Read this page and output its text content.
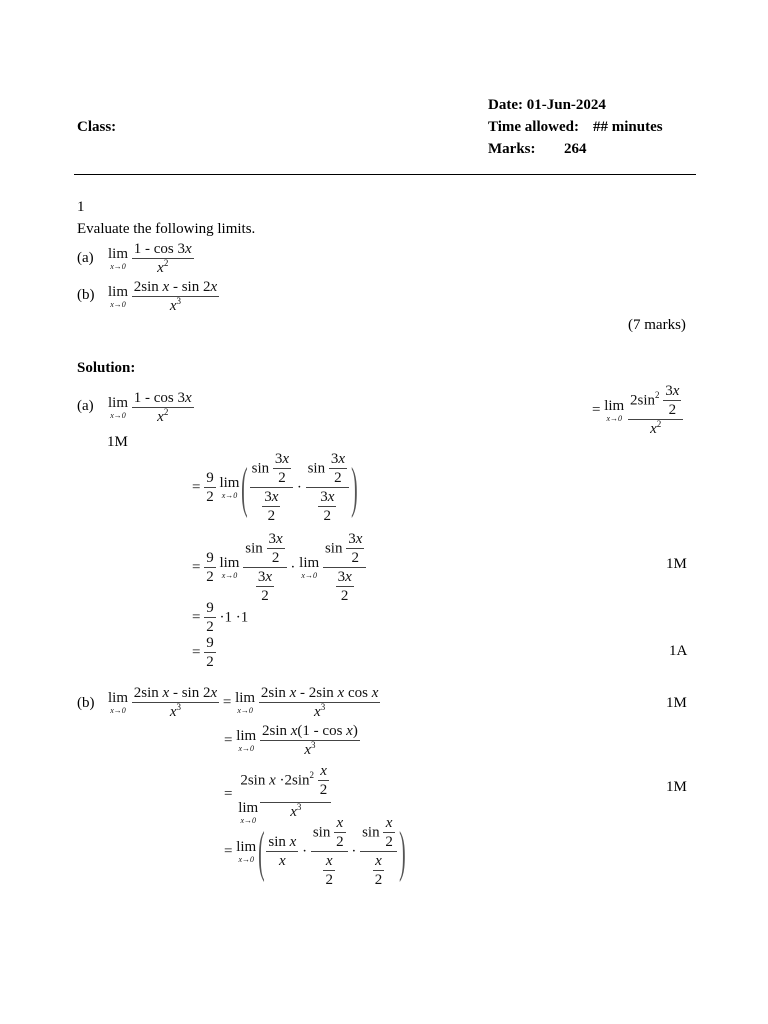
Date: 01-Jun-2024
Class:	Time allowed: ## minutes
Marks: 264
1
Evaluate the following limits.
(a)
(b)
lim
x→0
$\frac{1 - \cos 3x}{x^2}$
lim
x→0
$\frac{\text{2sin x - sin 2x}}{x^3}$
(7 marks)
Solution:
(a) lim
x→0
$\frac{1 - \cos 3x}{x^2}$	= lim
x→0
$\frac{2\sin^2 \frac{3x}{2}}{x^2}$
1M
= $\frac{9}{2}$
lim
x→0 ( $\frac{\sin \frac{3x}{2}}{\frac{3x}{2}} \cdot \frac{\sin \frac{3x}{2}}{\frac{3x}{2}}$ )
= $\frac{9}{2}$
lim
x→0
$\frac{\sin \frac{3x}{2}}{\frac{3x}{2}} \cdot \lim$
x→0
$\frac{\sin \frac{3x}{2}}{\frac{3x}{2}}$	1M
= $\frac{9}{2} \cdot 1 \cdot 1$
= $\frac{9}{2}$	1A
(b) lim
x→0
$\frac{\text{2sin x - sin 2x}}{x^3} = \lim$
x→0
$\frac{\text{2sin x - 2sin x cos x}}{x^3}$	1M
= lim
x→0
$\frac{\text{2sin x(1 - cos x)}}{x^3}$
=
2sin $x \cdot 2\sin^2 \frac{x}{2}$
lim
x→0
$x^3$
1M
= lim
x→0 ( $\frac{\text{sin x}}{x} \cdot \frac{\sin \frac{x}{2}}{\frac{x}{2}} \cdot \frac{\sin \frac{x}{2}}{\frac{x}{2}}$ )
